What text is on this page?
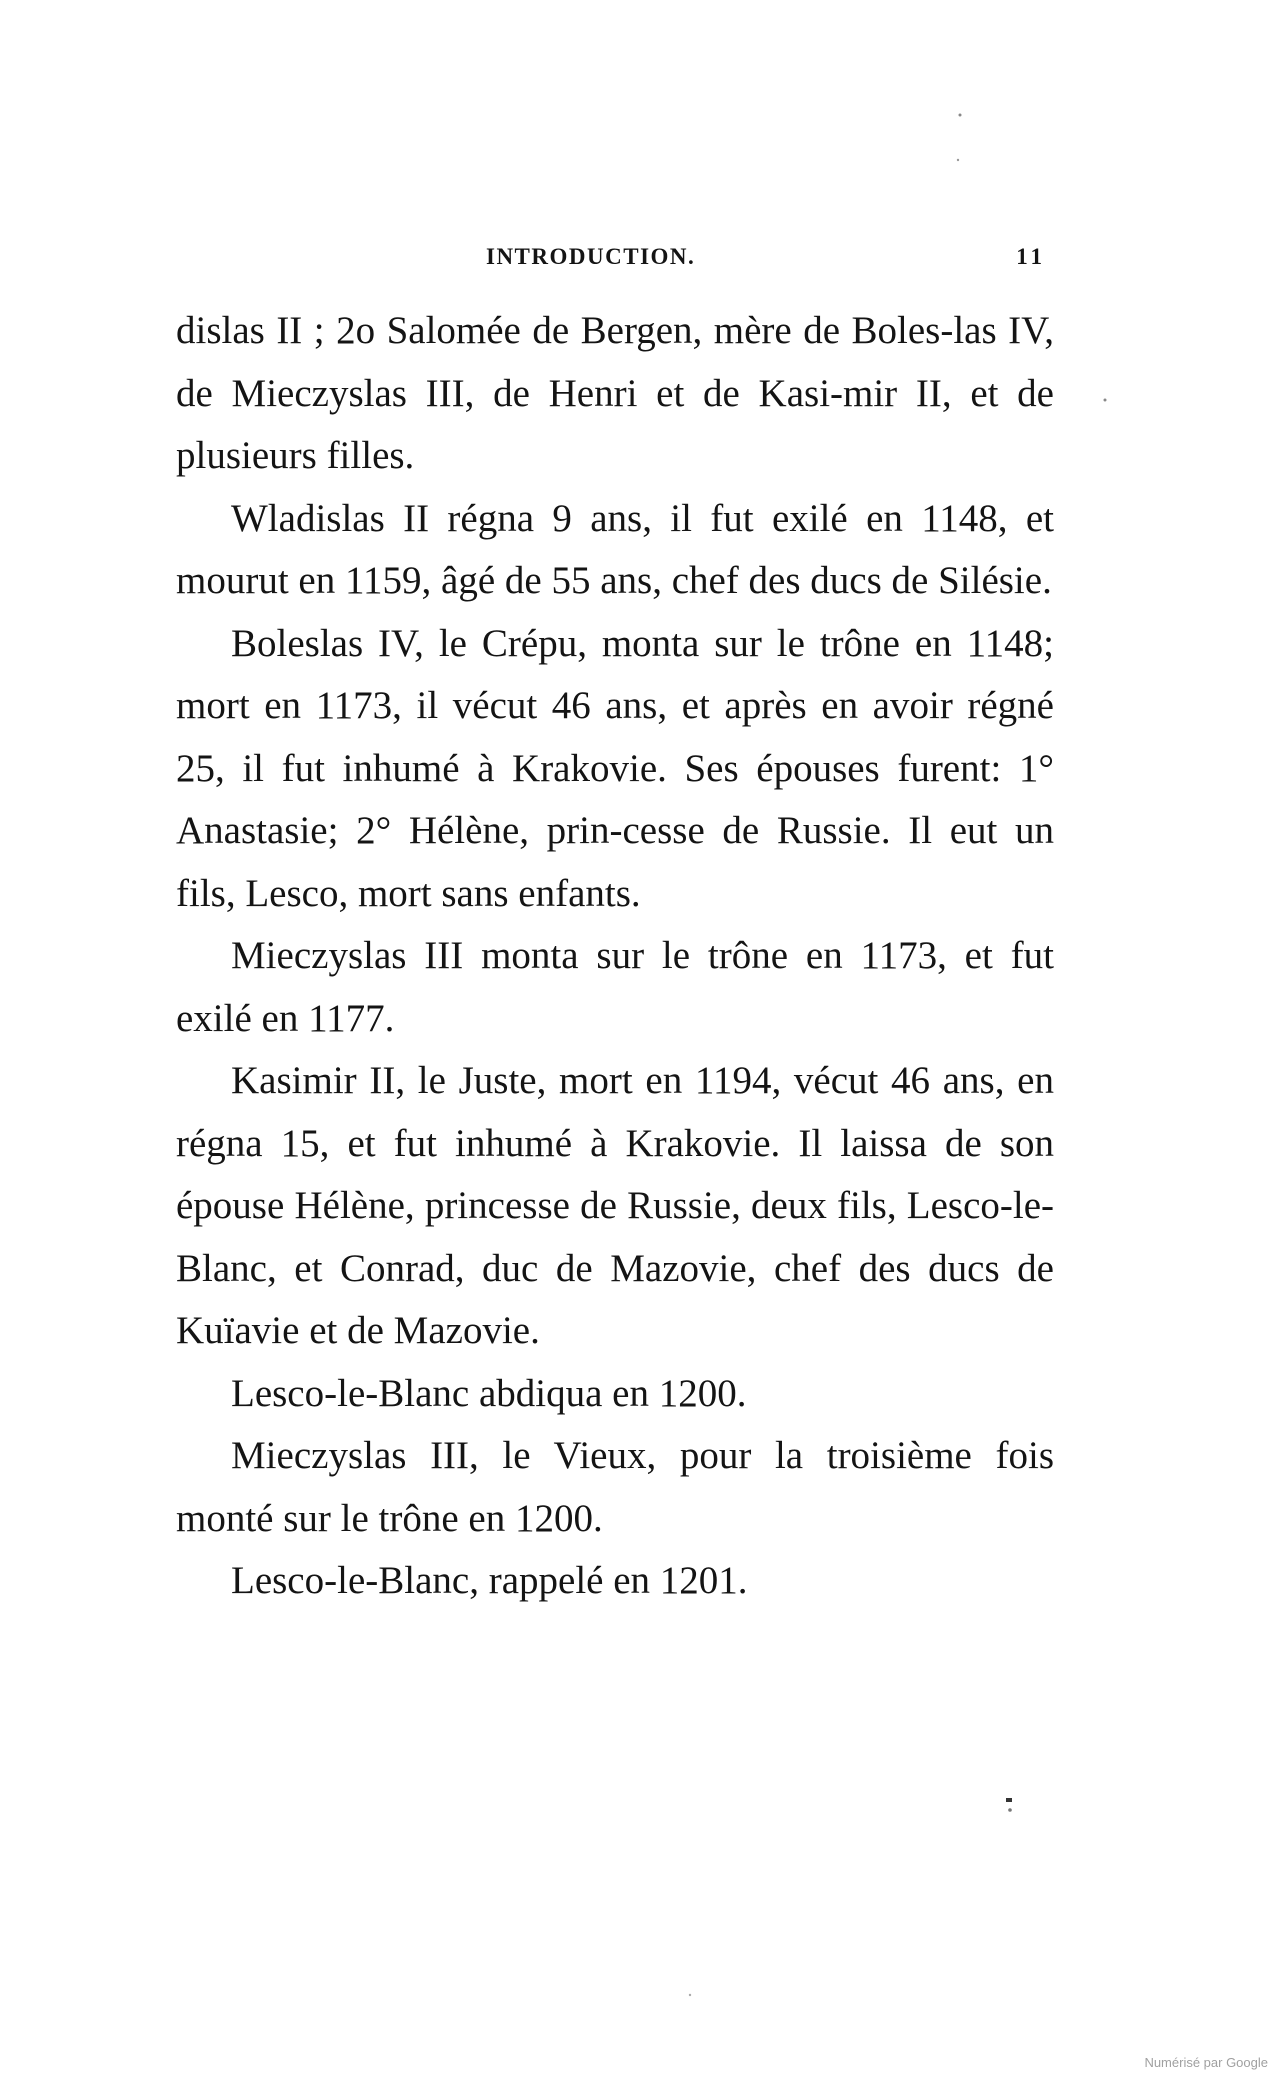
INTRODUCTION.	11

dislas II ; 2o Salomée de Bergen, mère de Boles-las IV, de Mieczyslas III, de Henri et de Kasi-mir II, et de plusieurs filles.

Wladislas II régna 9 ans, il fut exilé en 1148, et mourut en 1159, âgé de 55 ans, chef des ducs de Silésie.

Boleslas IV, le Crépu, monta sur le trône en 1148; mort en 1173, il vécut 46 ans, et après en avoir régné 25, il fut inhumé à Krakovie. Ses épouses furent: 1° Anastasie; 2° Hélène, prin-cesse de Russie. Il eut un fils, Lesco, mort sans enfants.

Mieczyslas III monta sur le trône en 1173, et fut exilé en 1177.

Kasimir II, le Juste, mort en 1194, vécut 46 ans, en régna 15, et fut inhumé à Krakovie. Il laissa de son épouse Hélène, princesse de Russie, deux fils, Lesco-le-Blanc, et Conrad, duc de Mazovie, chef des ducs de Kuïavie et de Mazovie.

Lesco-le-Blanc abdiqua en 1200.

Mieczyslas III, le Vieux, pour la troisième fois monté sur le trône en 1200.

Lesco-le-Blanc, rappelé en 1201.

Numérisé par Google
